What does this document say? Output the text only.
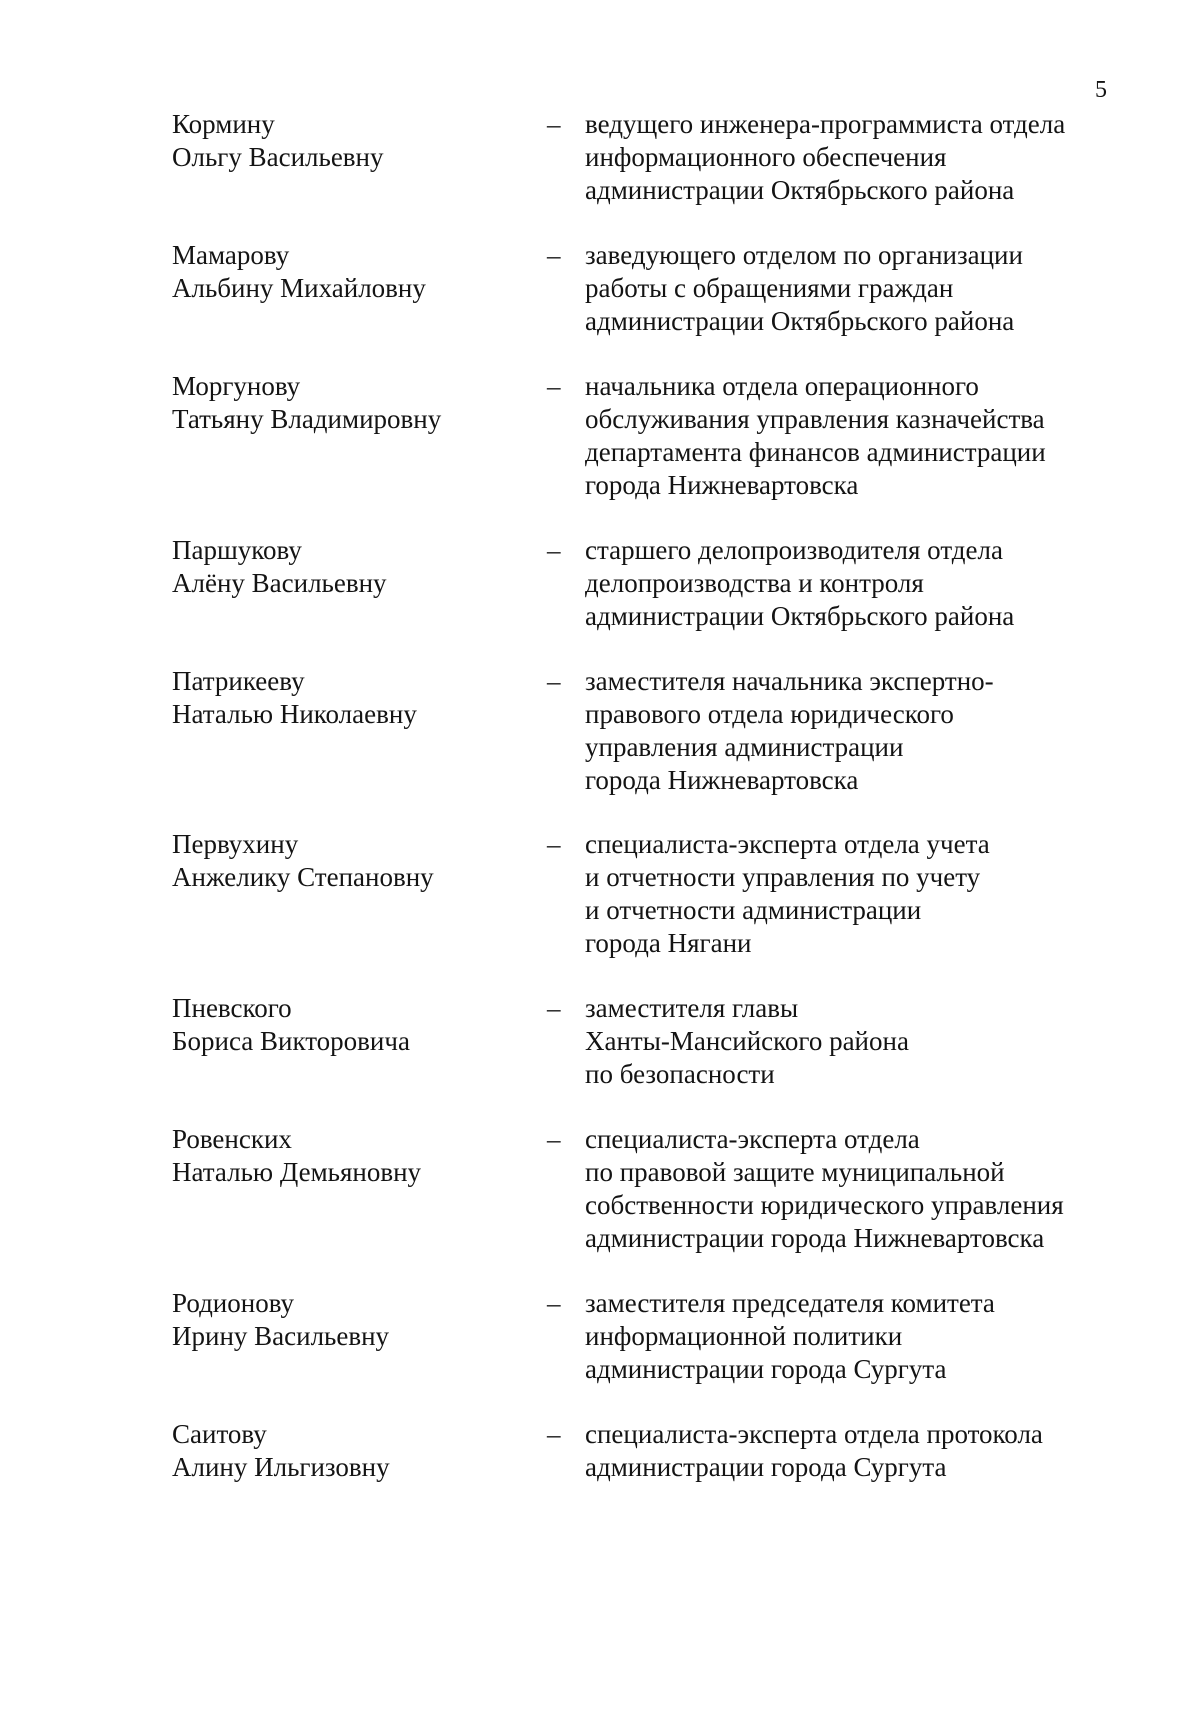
5
Кормину
Ольгу Васильевну
– ведущего инженера-программиста отдела
информационного обеспечения
администрации Октябрьского района
Мамарову
Альбину Михайловну
– заведующего отделом по организации
работы с обращениями граждан
администрации Октябрьского района
Моргунову
Татьяну Владимировну
– начальника отдела операционного
обслуживания управления казначейства
департамента финансов администрации
города Нижневартовска
Паршукову
Алёну Васильевну
– старшего делопроизводителя отдела
делопроизводства и контроля
администрации Октябрьского района
Патрикееву
Наталью Николаевну
– заместителя начальника экспертно-
правового отдела юридического
управления администрации
города Нижневартовска
Первухину
Анжелику Степановну
– специалиста-эксперта отдела учета
и отчетности управления по учету
и отчетности администрации
города Нягани
Пневского
Бориса Викторовича
– заместителя главы
Ханты-Мансийского района
по безопасности
Ровенских
Наталью Демьяновну
– специалиста-эксперта отдела
по правовой защите муниципальной
собственности юридического управления
администрации города Нижневартовска
Родионову
Ирину Васильевну
– заместителя председателя комитета
информационной политики
администрации города Сургута
Саитову
Алину Ильгизовну
– специалиста-эксперта отдела протокола
администрации города Сургута
